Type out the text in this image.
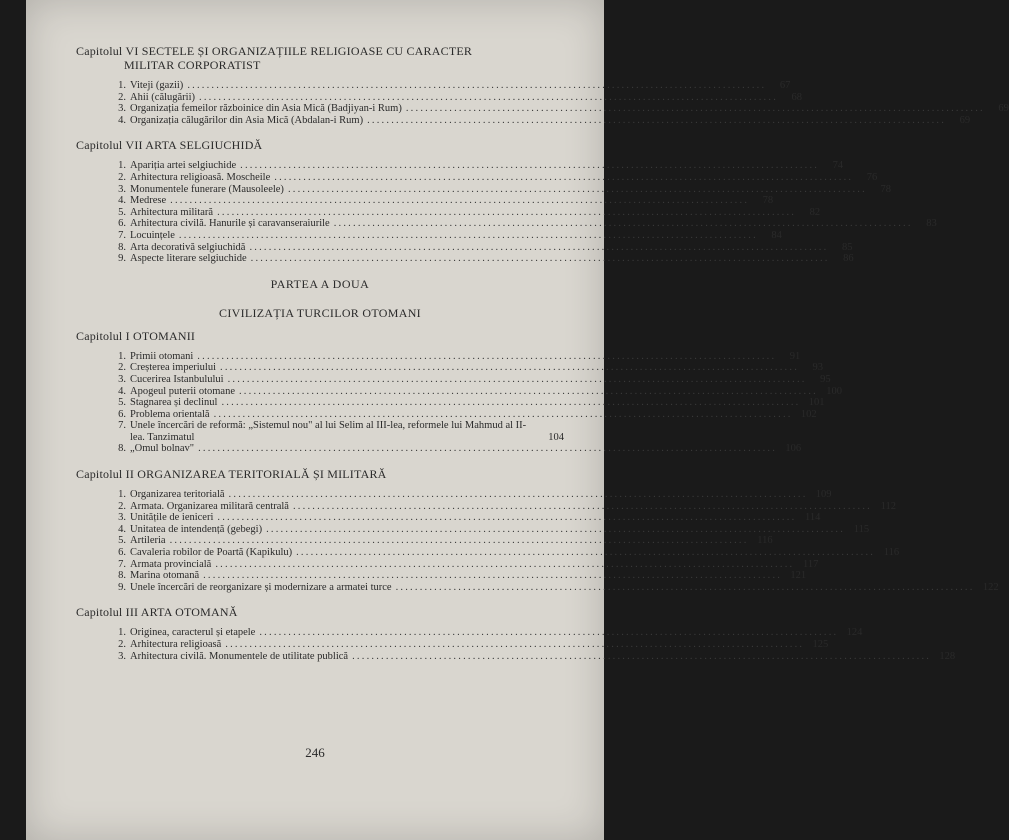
Capitolul VI SECTELE ȘI ORGANIZAȚIILE RELIGIOASE CU CARACTER
MILITAR CORPORATIST
1. Viteji (gazii) ........................................................................................................................	67
2. Ahii (călugării) ........................................................................................................................	68
3. Organizația femeilor războinice din Asia Mică (Badjiyan-i Rum) ........................................................................................................................	69
4. Organizația călugărilor din Asia Mică (Abdalan-i Rum) ........................................................................................................................	69
Capitolul VII ARTA SELGIUCHIDĂ
1. Apariția artei selgiuchide ........................................................................................................................	74
2. Arhitectura religioasă. Moscheile ........................................................................................................................	76
3. Monumentele funerare (Mausoleele) ........................................................................................................................	78
4. Medrese ........................................................................................................................	78
5. Arhitectura militară ........................................................................................................................	82
6. Arhitectura civilă. Hanurile și caravanseraiurile ........................................................................................................................	83
7. Locuințele ........................................................................................................................	84
8. Arta decorativă selgiuchidă ........................................................................................................................	85
9. Aspecte literare selgiuchide ........................................................................................................................	86
PARTEA A DOUA
CIVILIZAȚIA TURCILOR OTOMANI
Capitolul I OTOMANII
1. Primii otomani ........................................................................................................................	91
2. Creșterea imperiului ........................................................................................................................	93
3. Cucerirea Istanbulului ........................................................................................................................	95
4. Apogeul puterii otomane ........................................................................................................................ 100
5. Stagnarea și declinul ........................................................................................................................ 101
6. Problema orientală ........................................................................................................................ 102
7. Unele încercări de reformă: „Sistemul nou" al lui Selim al III-lea, reformele lui Mahmud al II-lea. Tanzimatul	104
8. „Omul bolnav" ........................................................................................................................ 106
Capitolul II ORGANIZAREA TERITORIALĂ ȘI MILITARĂ
1. Organizarea teritorială ........................................................................................................................ 109
2. Armata. Organizarea militară centrală ........................................................................................................................ 112
3. Unitățile de ieniceri ........................................................................................................................ 114
4. Unitatea de intendență (gebegi) ........................................................................................................................ 115
5. Artileria ........................................................................................................................ 116
6. Cavaleria robilor de Poartă (Kapikulu) ........................................................................................................................ 116
7. Armata provincială ........................................................................................................................ 117
8. Marina otomană ........................................................................................................................ 121
9. Unele încercări de reorganizare și modernizare a armatei turce ........................................................................................................................ 122
Capitolul III ARTA OTOMANĂ
1. Originea, caracterul și etapele ........................................................................................................................ 124
2. Arhitectura religioasă ........................................................................................................................ 125
3. Arhitectura civilă. Monumentele de utilitate publică ........................................................................................................................ 128
246
